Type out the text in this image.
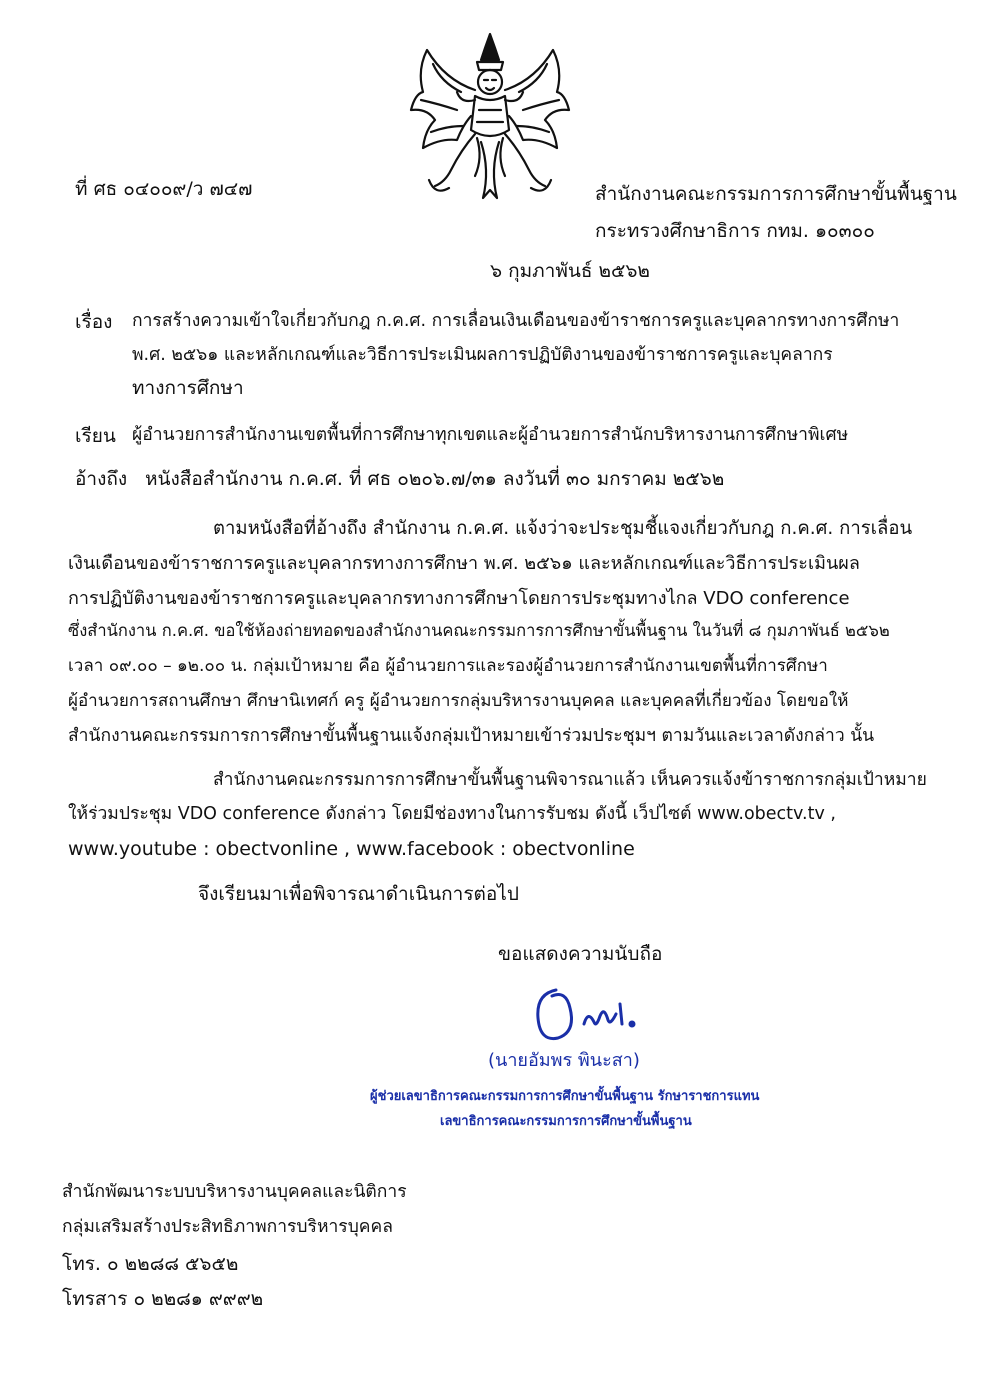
ที่ ศธ ๐๔๐๐๙/ว ๗๔๗	สำนักงานคณะกรรมการการศึกษาขั้นพื้นฐาน
กระทรวงศึกษาธิการ กทม. ๑๐๓๐๐
๖ กุมภาพันธ์ ๒๕๖๒
เรื่อง การสร้างความเข้าใจเกี่ยวกับกฎ ก.ค.ศ. การเลื่อนเงินเดือนของข้าราชการครูและบุคลากรทางการศึกษา
พ.ศ. ๒๕๖๑ และหลักเกณฑ์และวิธีการประเมินผลการปฏิบัติงานของข้าราชการครูและบุคลากร
ทางการศึกษา
เรียน ผู้อำนวยการสำนักงานเขตพื้นที่การศึกษาทุกเขตและผู้อำนวยการสำนักบริหารงานการศึกษาพิเศษ
อ้างถึง หนังสือสำนักงาน ก.ค.ศ. ที่ ศธ ๐๒๐๖.๗/๓๑ ลงวันที่ ๓๐ มกราคม ๒๕๖๒
ตามหนังสือที่อ้างถึง สำนักงาน ก.ค.ศ. แจ้งว่าจะประชุมชี้แจงเกี่ยวกับกฎ ก.ค.ศ. การเลื่อน
เงินเดือนของข้าราชการครูและบุคลากรทางการศึกษา พ.ศ. ๒๕๖๑ และหลักเกณฑ์และวิธีการประเมินผล
การปฏิบัติงานของข้าราชการครูและบุคลากรทางการศึกษาโดยการประชุมทางไกล VDO conference
ซึ่งสำนักงาน ก.ค.ศ. ขอใช้ห้องถ่ายทอดของสำนักงานคณะกรรมการการศึกษาขั้นพื้นฐาน ในวันที่ ๘ กุมภาพันธ์ ๒๕๖๒
เวลา ๐๙.๐๐ – ๑๒.๐๐ น. กลุ่มเป้าหมาย คือ ผู้อำนวยการและรองผู้อำนวยการสำนักงานเขตพื้นที่การศึกษา
ผู้อำนวยการสถานศึกษา ศึกษานิเทศก์ ครู ผู้อำนวยการกลุ่มบริหารงานบุคคล และบุคคลที่เกี่ยวข้อง โดยขอให้
สำนักงานคณะกรรมการการศึกษาขั้นพื้นฐานแจ้งกลุ่มเป้าหมายเข้าร่วมประชุมฯ ตามวันและเวลาดังกล่าว นั้น
สำนักงานคณะกรรมการการศึกษาขั้นพื้นฐานพิจารณาแล้ว เห็นควรแจ้งข้าราชการกลุ่มเป้าหมาย
ให้ร่วมประชุม VDO conference ดังกล่าว โดยมีช่องทางในการรับชม ดังนี้ เว็ปไซต์ www.obectv.tv ,
www.youtube : obectvonline , www.facebook : obectvonline
จึงเรียนมาเพื่อพิจารณาดำเนินการต่อไป
ขอแสดงความนับถือ
(นายอัมพร พินะสา)
ผู้ช่วยเลขาธิการคณะกรรมการการศึกษาขั้นพื้นฐาน รักษาราชการแทน
เลขาธิการคณะกรรมการการศึกษาขั้นพื้นฐาน
สำนักพัฒนาระบบบริหารงานบุคคลและนิติการ
กลุ่มเสริมสร้างประสิทธิภาพการบริหารบุคคล
โทร. ๐ ๒๒๘๘ ๕๖๕๒
โทรสาร ๐ ๒๒๘๑ ๙๙๙๒
